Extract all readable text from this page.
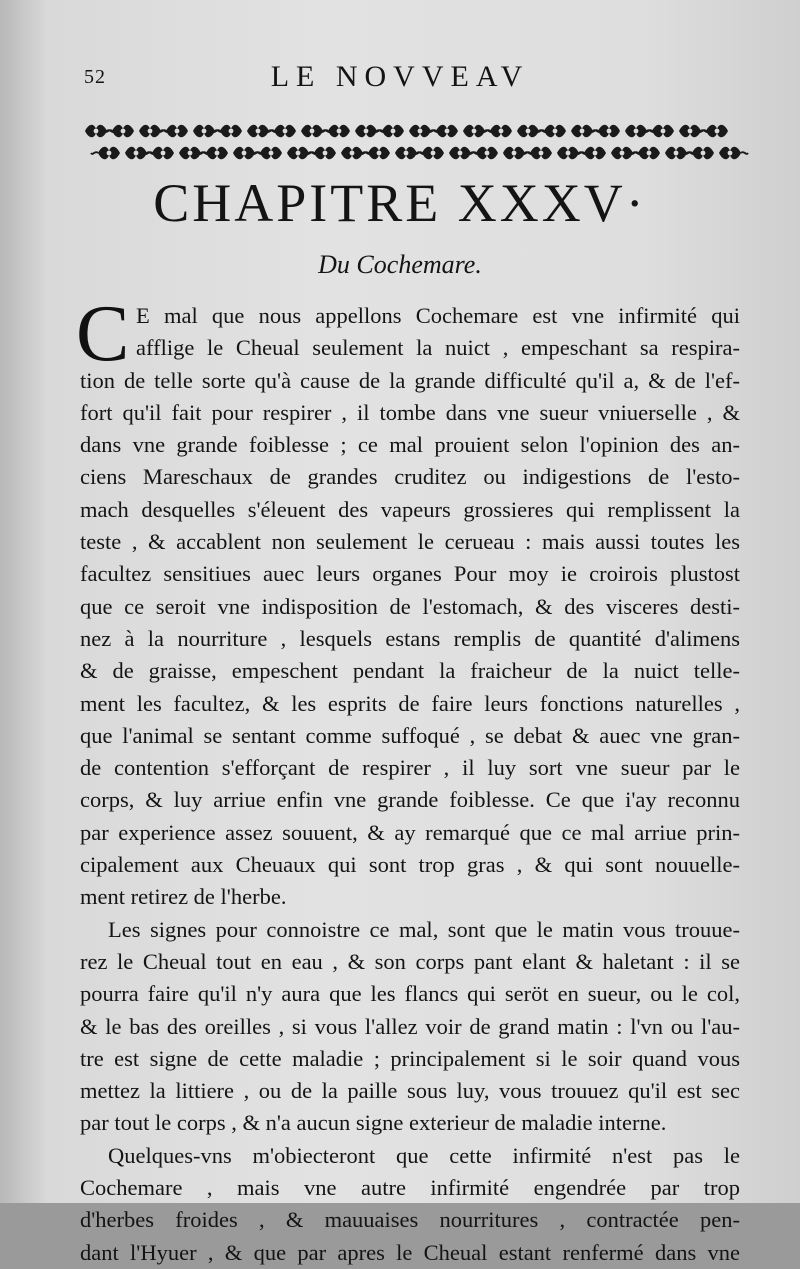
52	LE NOVVEAV
CHAPITRE XXXV·
Du Cochemare.
C E mal que nous appellons Cochemare est vne infirmité qui
afflige le Cheual seulement la nuict , empeschant sa respira-
tion de telle sorte qu'à cause de la grande difficulté qu'il a, & de l'ef-
fort qu'il fait pour respirer , il tombe dans vne sueur vniuerselle , &
dans vne grande foiblesse ; ce mal prouient selon l'opinion des an-
ciens Mareschaux de grandes cruditez ou indigestions de l'esto-
mach desquelles s'éleuent des vapeurs grossieres qui remplissent la
teste , & accablent non seulement le cerueau : mais aussi toutes les
facultez sensitiues auec leurs organes Pour moy ie croirois plustost
que ce seroit vne indisposition de l'estomach, & des visceres desti-
nez à la nourriture , lesquels estans remplis de quantité d'alimens
& de graisse, empeschent pendant la fraicheur de la nuict telle-
ment les facultez, & les esprits de faire leurs fonctions naturelles ,
que l'animal se sentant comme suffoqué , se debat & auec vne gran-
de contention s'efforçant de respirer , il luy sort vne sueur par le
corps, & luy arriue enfin vne grande foiblesse. Ce que i'ay reconnu
par experience assez souuent, & ay remarqué que ce mal arriue prin-
cipalement aux Cheuaux qui sont trop gras , & qui sont nouuelle-
ment retirez de l'herbe.
Les signes pour connoistre ce mal, sont que le matin vous trouue-
rez le Cheual tout en eau , & son corps pant elant & haletant : il se
pourra faire qu'il n'y aura que les flancs qui seröt en sueur, ou le col,
& le bas des oreilles , si vous l'allez voir de grand matin : l'vn ou l'au-
tre est signe de cette maladie ; principalement si le soir quand vous
mettez la littiere , ou de la paille sous luy, vous trouuez qu'il est sec
par tout le corps , & n'a aucun signe exterieur de maladie interne.
Quelques-vns m'obiecteront que cette infirmité n'est pas le
Cochemare , mais vne autre infirmité engendrée par trop
d'herbes froides , & mauuaises nourritures , contractée pen-
dant l'Hyuer , & que par apres le Cheual estant renfermé dans vne
